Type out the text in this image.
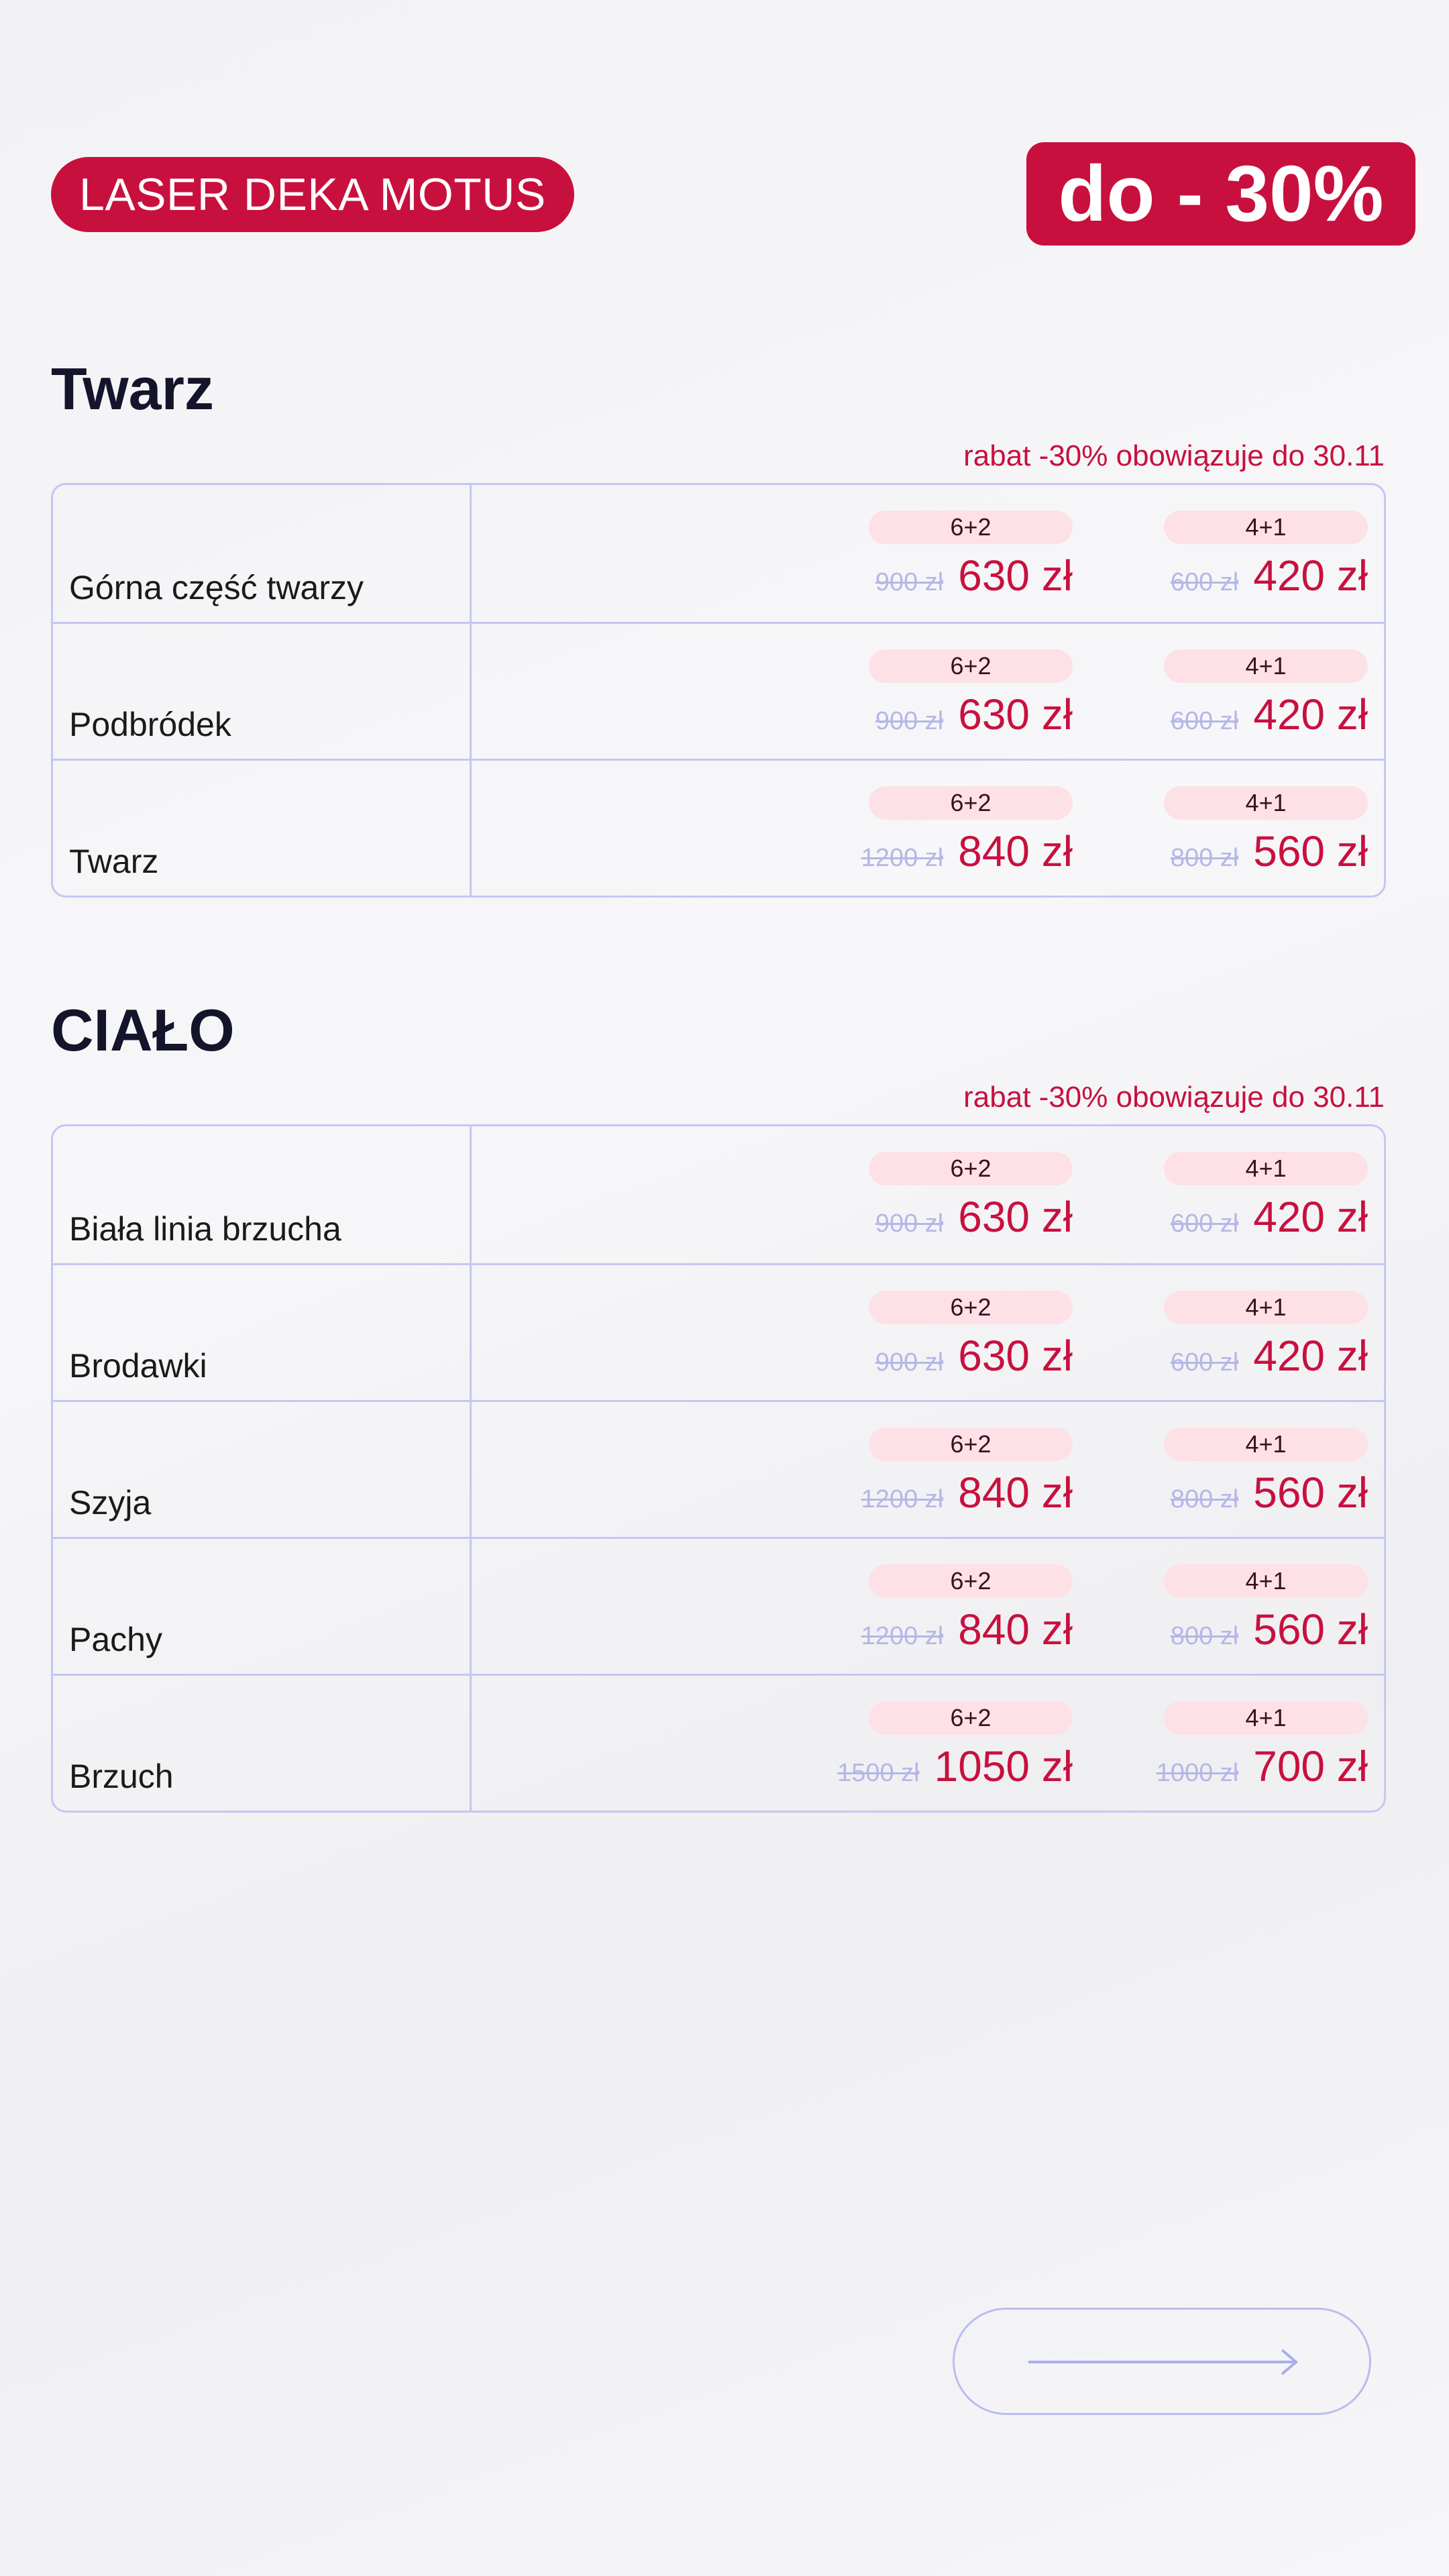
LASER DEKA MOTUS	do - 30%
Twarz
rabat -30% obowiązuje do 30.11
Górna część twarzy
6+2
900 zł 630 zł
4+1
600 zł 420 zł
Podbródek
6+2
900 zł 630 zł
4+1
600 zł 420 zł
Twarz
6+2
1200 zł 840 zł
4+1
800 zł 560 zł
CIAŁO
rabat -30% obowiązuje do 30.11
Biała linia brzucha
6+2
900 zł 630 zł
4+1
600 zł 420 zł
Brodawki
6+2
900 zł 630 zł
4+1
600 zł 420 zł
Szyja
6+2
1200 zł 840 zł
4+1
800 zł 560 zł
Pachy
6+2
1200 zł 840 zł
4+1
800 zł 560 zł
Brzuch
6+2
1500 zł 1050 zł
4+1
1000 zł 700 zł
